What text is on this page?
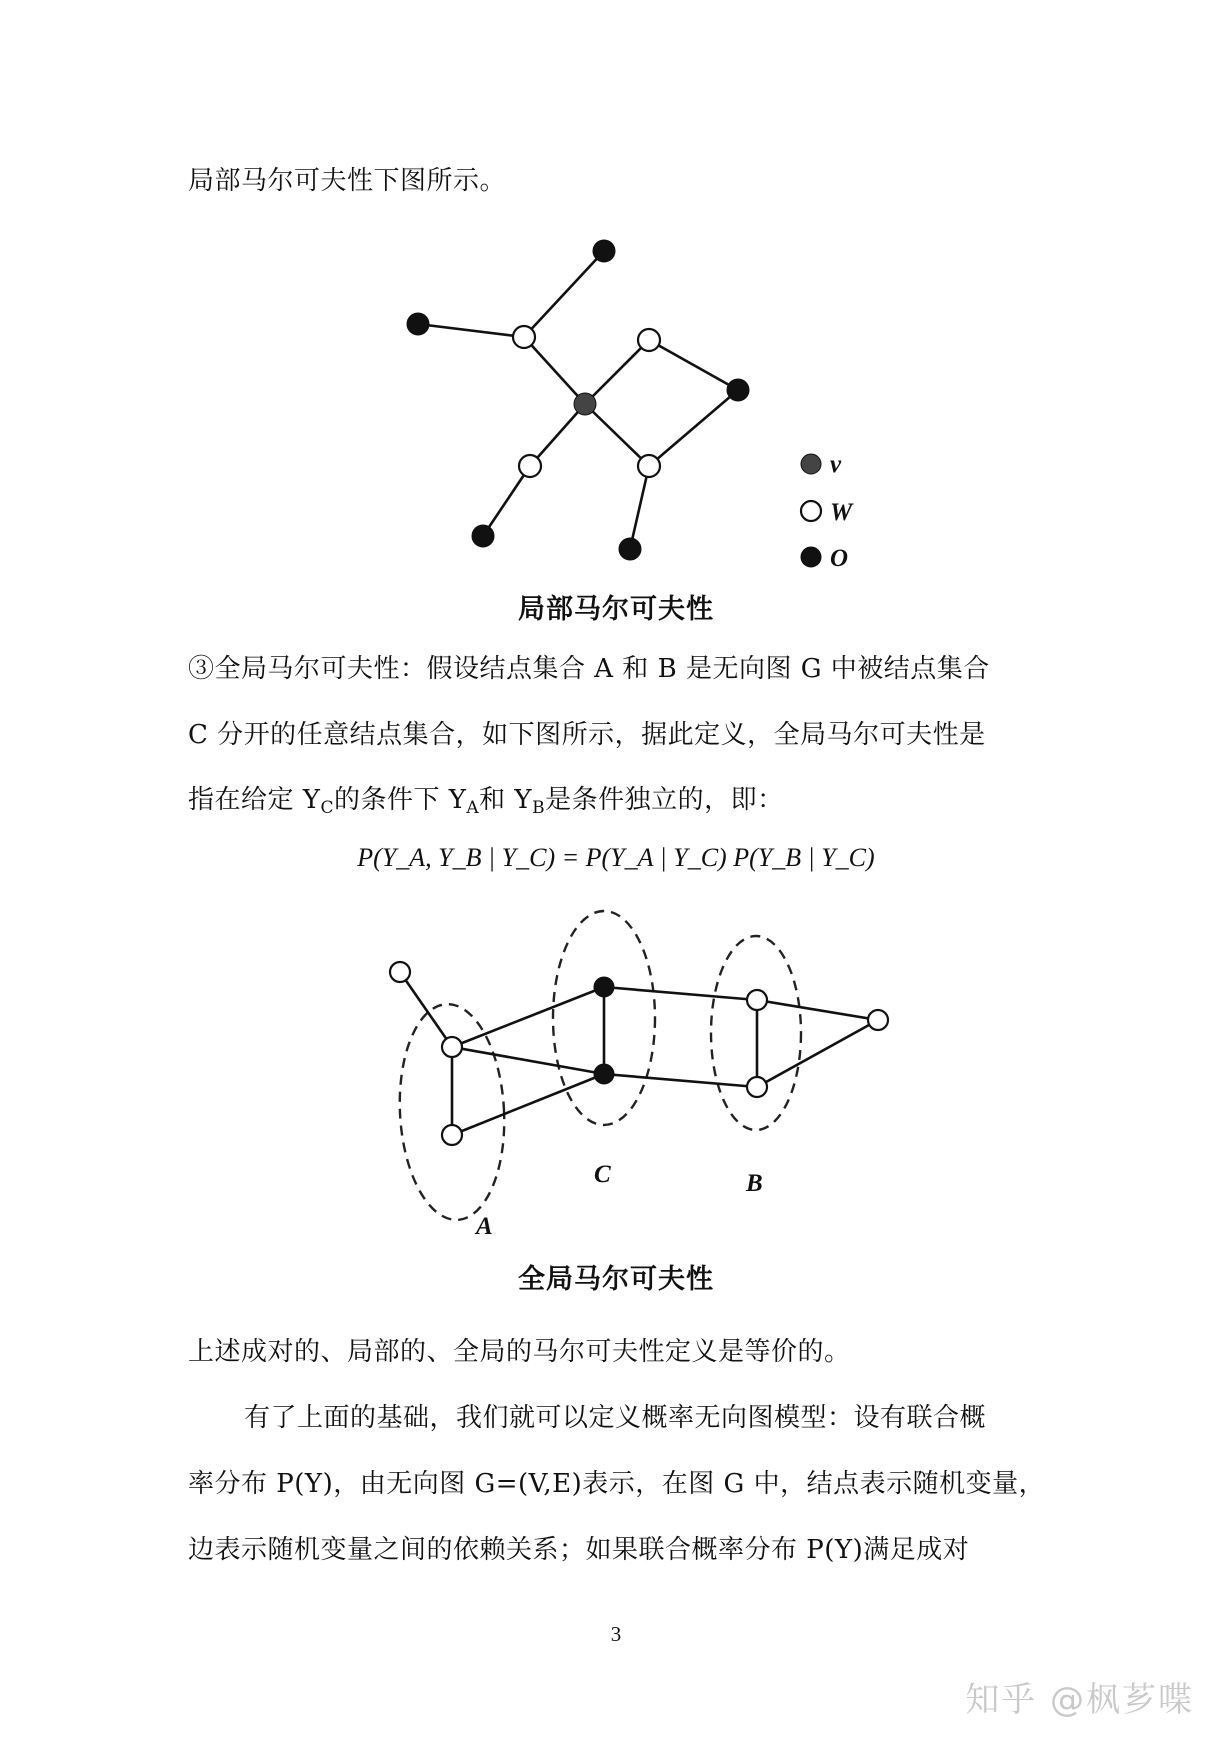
局部马尔可夫性下图所示。
v
W
O
A
C	B
局部马尔可夫性
③全局马尔可夫性：假设结点集合 A 和 B 是无向图 G 中被结点集合
C 分开的任意结点集合，如下图所示，据此定义，全局马尔可夫性是
指在给定 $Y_C$的条件下 $Y_A$和 $Y_B$是条件独立的，即：
P(Y_A, Y_B | Y_C) = P(Y_A | Y_C) P(Y_B | Y_C)
全局马尔可夫性
上述成对的、局部的、全局的马尔可夫性定义是等价的。
有了上面的基础，我们就可以定义概率无向图模型：设有联合概
率分布 P(Y)，由无向图 G=(V,E)表示，在图 G 中，结点表示随机变量，
边表示随机变量之间的依赖关系；如果联合概率分布 P(Y)满足成对
3
知乎 @枫芗喋
